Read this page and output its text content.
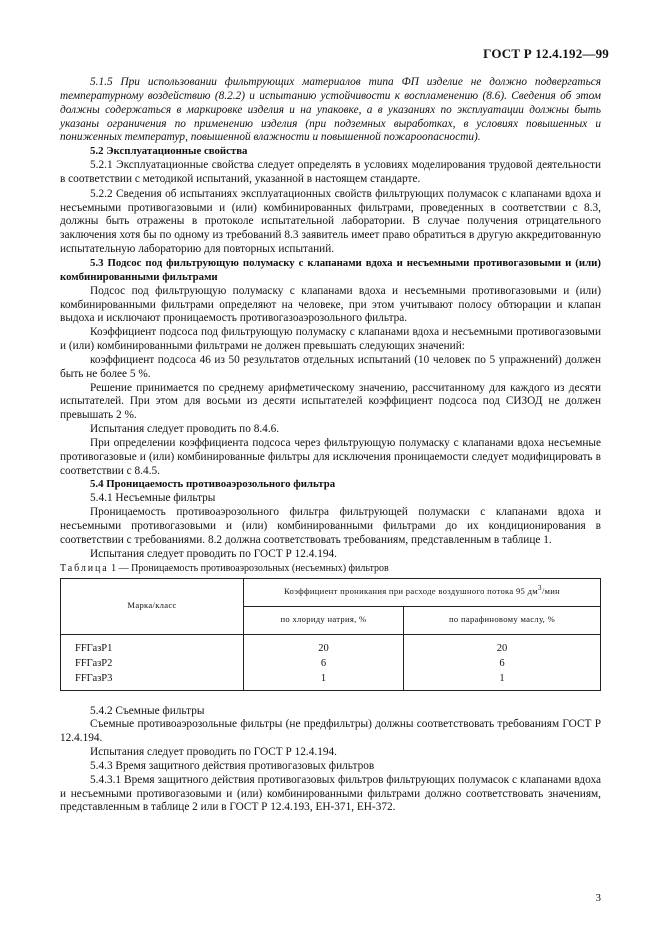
ГОСТ Р 12.4.192—99

5.1.5 При использовании фильтрующих материалов типа ФП изделие не должно подвергаться температурному воздействию (8.2.2) и испытанию устойчивости к воспламенению (8.6). Сведения об этом должны содержаться в маркировке изделия и на упаковке, а в указаниях по эксплуатации должны быть указаны ограничения по применению изделия (при подземных выработках, в условиях повышенных и пониженных температур, повышенной влажности и повышенной пожароопасности).

5.2 Эксплуатационные свойства

5.2.1 Эксплуатационные свойства следует определять в условиях моделирования трудовой деятельности в соответствии с методикой испытаний, указанной в настоящем стандарте.

5.2.2 Сведения об испытаниях эксплуатационных свойств фильтрующих полумасок с клапанами вдоха и несъемными противогазовыми и (или) комбинированных фильтрами, проведенных в соответствии с 8.3, должны быть отражены в протоколе испытательной лаборатории. В случае получения отрицательного заключения хотя бы по одному из требований 8.3 заявитель имеет право обратиться в другую аккредитованную испытательную лабораторию для повторных испытаний.

5.3 Подсос под фильтрующую полумаску с клапанами вдоха и несъемными противогазовыми и (или) комбинированными фильтрами

Подсос под фильтрующую полумаску с клапанами вдоха и несъемными противогазовыми и (или) комбинированными фильтрами определяют на человеке, при этом учитывают полосу обтюрации и клапан выдоха и исключают проницаемость противогазоаэрозольного фильтра.

Коэффициент подсоса под фильтрующую полумаску с клапанами вдоха и несъемными противогазовыми и (или) комбинированными фильтрами не должен превышать следующих значений:

коэффициент подсоса 46 из 50 результатов отдельных испытаний (10 человек по 5 упражнений) должен быть не более 5 %.

Решение принимается по среднему арифметическому значению, рассчитанному для каждого из десяти испытателей. При этом для восьми из десяти испытателей коэффициент подсоса под СИЗОД не должен превышать 2 %.

Испытания следует проводить по 8.4.6.

При определении коэффициента подсоса через фильтрующую полумаску с клапанами вдоха несъемные противогазовые и (или) комбинированные фильтры для исключения проницаемости следует модифицировать в соответствии с 8.4.5.

5.4 Проницаемость противоаэрозольного фильтра

5.4.1 Несъемные фильтры

Проницаемость противоаэрозольного фильтра фильтрующей полумаски с клапанами вдоха и несъемными противогазовыми и (или) комбинированными фильтрами до их кондиционирования в соответствии с требованиями. 8.2 должна соответствовать требованиям, представленным в таблице 1.

Испытания следует проводить по ГОСТ Р 12.4.194.

Таблица 1 — Проницаемость противоаэрозольных (несъемных) фильтров

Марка/класс	Коэффициент проникания при расходе воздушного потока 95 $дм^3$/мин	
	по хлориду натрия, %	по парафиновому маслу, %
FFГазP1	20	20
FFГазP2	6	6
FFГазP3	1	1

5.4.2 Съемные фильтры

Съемные противоаэрозольные фильтры (не предфильтры) должны соответствовать требованиям ГОСТ Р 12.4.194.

Испытания следует проводить по ГОСТ Р 12.4.194.

5.4.3 Время защитного действия противогазовых фильтров

5.4.3.1 Время защитного действия противогазовых фильтров фильтрующих полумасок с клапанами вдоха и несъемными противогазовыми и (или) комбинированными фильтрами должно соответствовать значениям, представленным в таблице 2 или в ГОСТ Р 12.4.193, ЕН-371, ЕН-372.

3
